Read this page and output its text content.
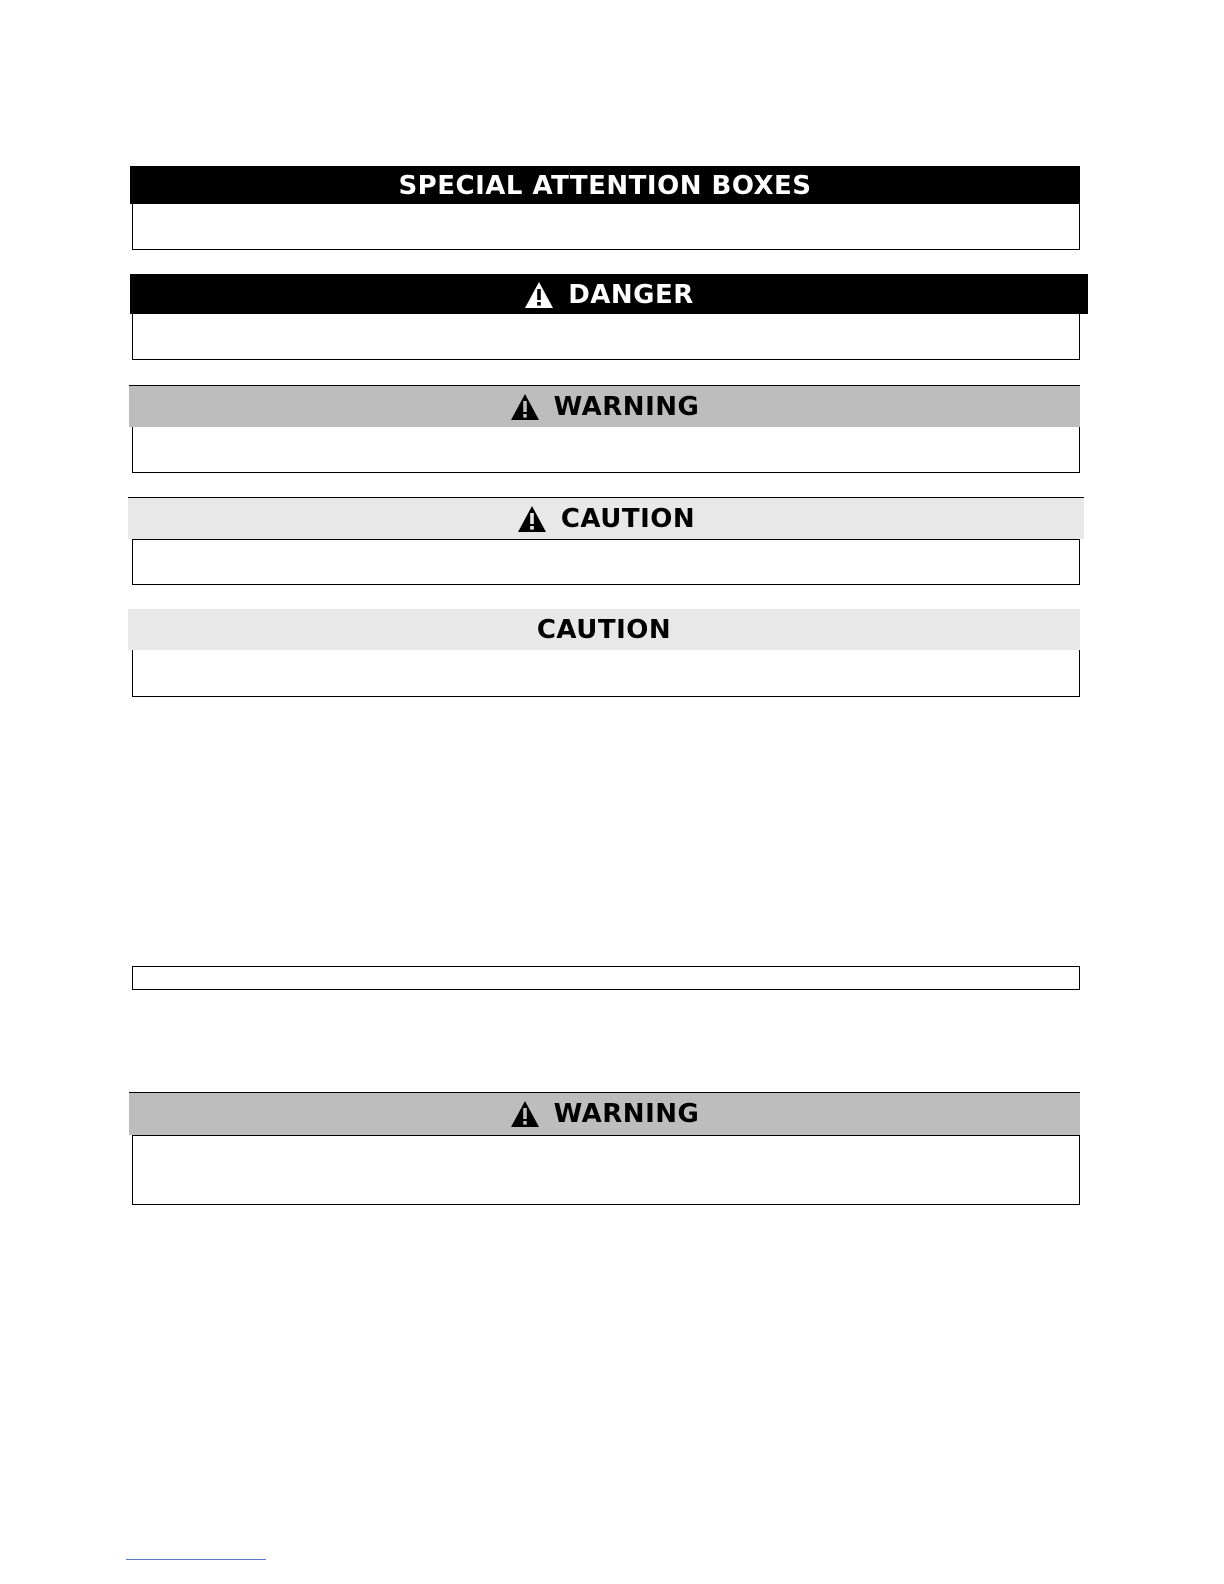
SPECIAL ATTENTION BOXES
DANGER
WARNING
CAUTION
CAUTION
WARNING
